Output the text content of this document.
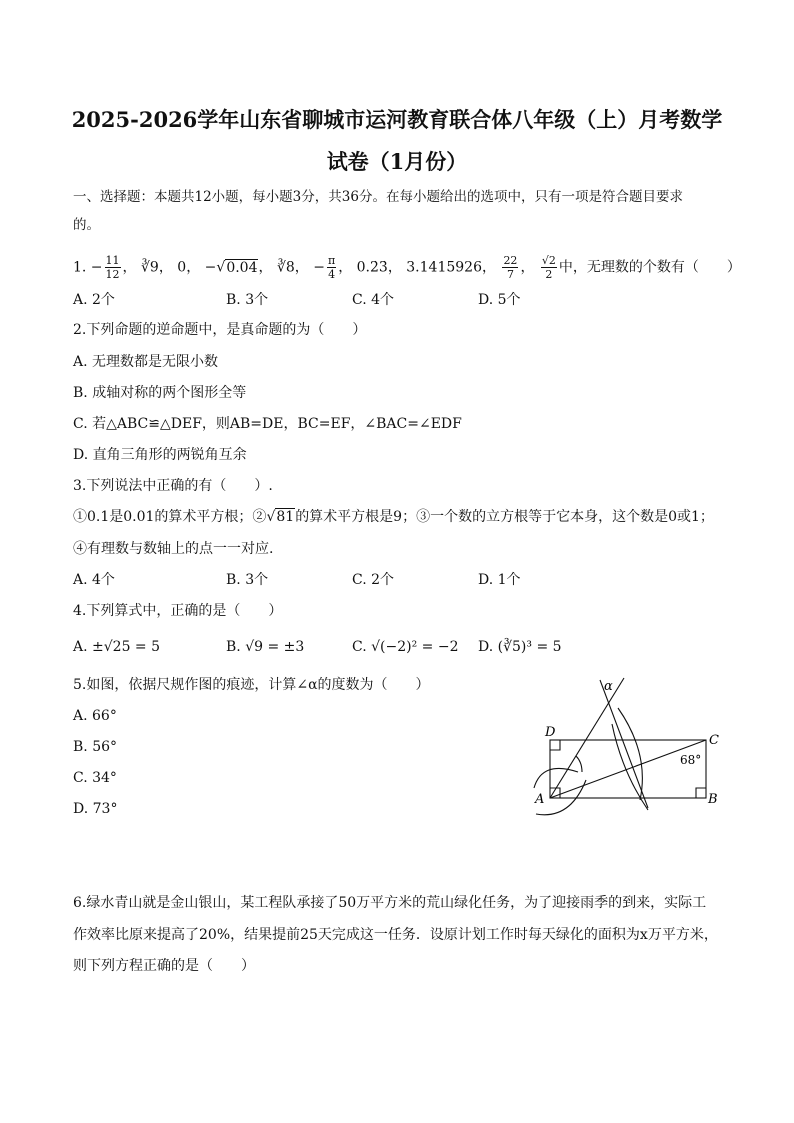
2025-2026学年山东省聊城市运河教育联合体八年级（上）月考数学
试卷（1月份）
一、选择题：本题共12小题，每小题3分，共36分。在每小题给出的选项中，只有一项是符合题目要求
的。
1. − $\frac{11}{12}$ ， ∛9， 0， −√0.04， ∛8， − $\frac{\pi}{4}$ ， 0.2̇3̇， 3.1415926， $\frac{22}{7}$ ， $\frac{√2}{2}$ 中，无理数的个数有（　　）
A. 2个	B. 3个	C. 4个	D. 5个
2.下列命题的逆命题中，是真命题的为（　　）
A. 无理数都是无限小数
B. 成轴对称的两个图形全等
C. 若△ABC≌△DEF，则AB=DE，BC=EF，∠BAC=∠EDF
D. 直角三角形的两锐角互余
3.下列说法中正确的有（　　）.
①0.1是0.01的算术平方根；②√81的算术平方根是9；③一个数的立方根等于它本身，这个数是0或1；
④有理数与数轴上的点一一对应.
A. 4个	B. 3个	C. 2个	D. 1个
4.下列算式中，正确的是（　　）
A. ±√25 = 5	B. √9 = ±3	C. √(−2)² = −2 D. (∛5)³ = 5
5.如图，依据尺规作图的痕迹，计算∠α的度数为（　　）
A. 66°
B. 56°
C. 34°
D. 73°
A	B
C
D
α
68°
6.绿水青山就是金山银山，某工程队承接了50万平方米的荒山绿化任务，为了迎接雨季的到来，实际工
作效率比原来提高了20%，结果提前25天完成这一任务．设原计划工作时每天绿化的面积为x万平方米，
则下列方程正确的是（　　）
